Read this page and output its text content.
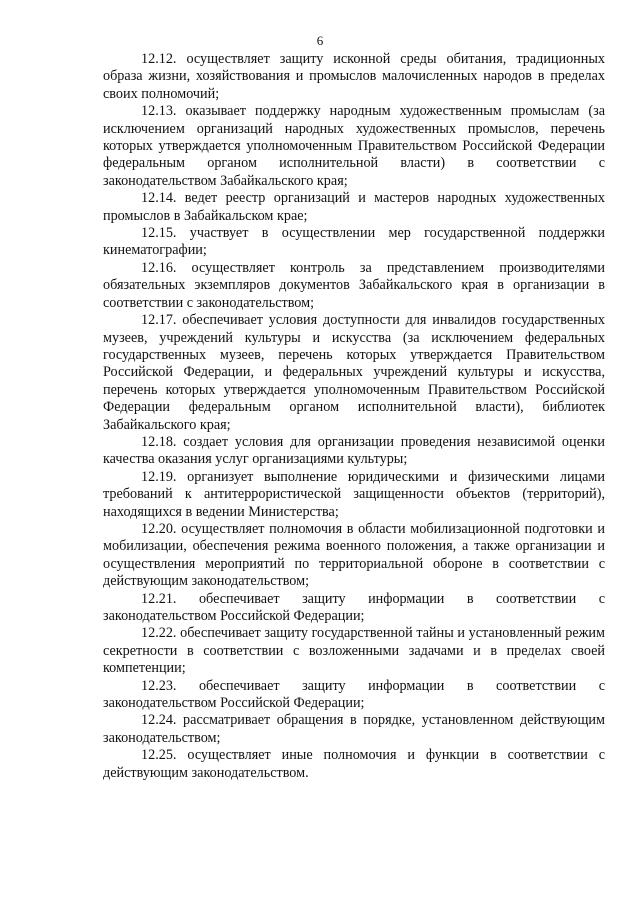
6

12.12. осуществляет защиту исконной среды обитания, традиционных образа жизни, хозяйствования и промыслов малочисленных народов в пределах своих полномочий;

12.13. оказывает поддержку народным художественным промыслам (за исключением организаций народных художественных промыслов, перечень которых утверждается уполномоченным Правительством Российской Федерации федеральным органом исполнительной власти) в соответствии с законодательством Забайкальского края;

12.14. ведет реестр организаций и мастеров народных художественных промыслов в Забайкальском крае;

12.15. участвует в осуществлении мер государственной поддержки кинематографии;

12.16. осуществляет контроль за представлением производителями обязательных экземпляров документов Забайкальского края в организации в соответствии с законодательством;

12.17. обеспечивает условия доступности для инвалидов государственных музеев, учреждений культуры и искусства (за исключением федеральных государственных музеев, перечень которых утверждается Правительством Российской Федерации, и федеральных учреждений культуры и искусства, перечень которых утверждается уполномоченным Правительством Российской Федерации федеральным органом исполнительной власти), библиотек Забайкальского края;

12.18. создает условия для организации проведения независимой оценки качества оказания услуг организациями культуры;

12.19. организует выполнение юридическими и физическими лицами требований к антитеррористической защищенности объектов (территорий), находящихся в ведении Министерства;

12.20. осуществляет полномочия в области мобилизационной подготовки и мобилизации, обеспечения режима военного положения, а также организации и осуществления мероприятий по территориальной обороне в соответствии с действующим законодательством;

12.21. обеспечивает защиту информации в соответствии с законодательством Российской Федерации;

12.22. обеспечивает защиту государственной тайны и установленный режим секретности в соответствии с возложенными задачами и в пределах своей компетенции;

12.23. обеспечивает защиту информации в соответствии с законодательством Российской Федерации;

12.24. рассматривает обращения в порядке, установленном действующим законодательством;

12.25. осуществляет иные полномочия и функции в соответствии с действующим законодательством.
